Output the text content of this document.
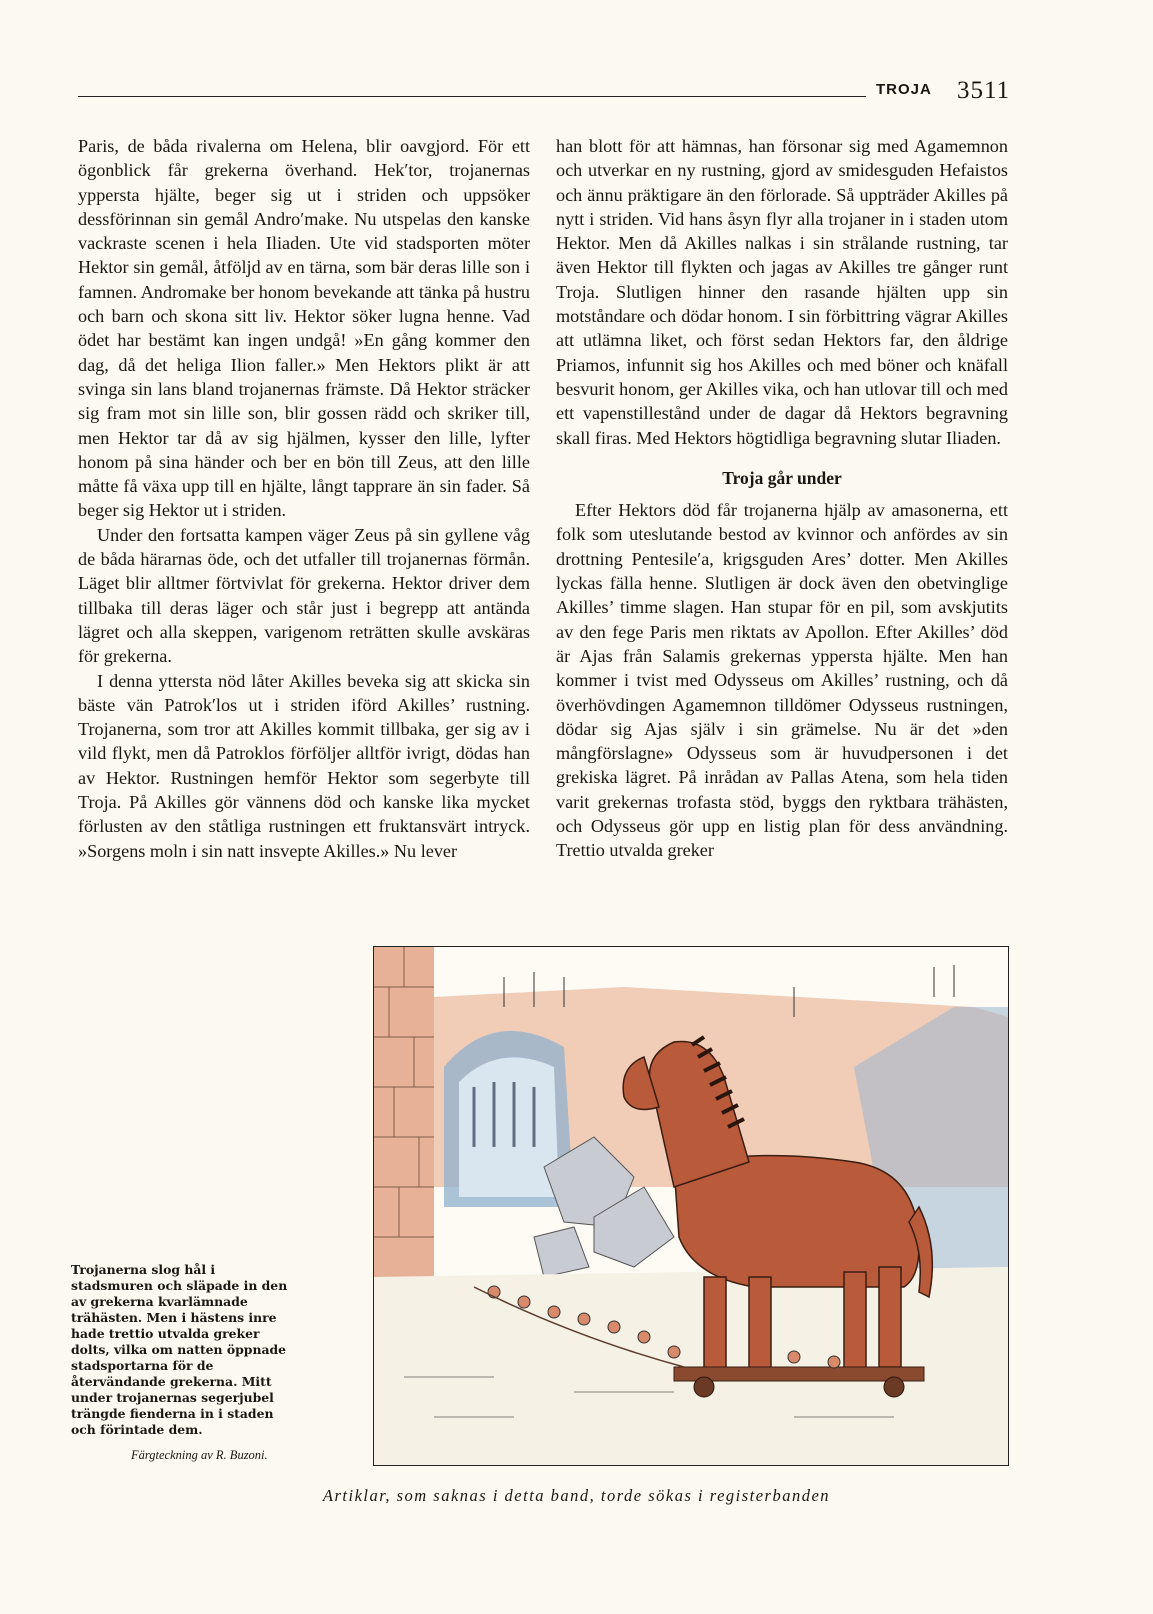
TROJA 3511

Paris, de båda rivalerna om Helena, blir oavgjord. För ett ögonblick får grekerna överhand. Hek′tor, trojanernas yppersta hjälte, beger sig ut i striden och uppsöker dessförinnan sin gemål Andro′make. Nu utspelas den kanske vackraste scenen i hela Iliaden. Ute vid stadsporten möter Hektor sin gemål, åtföljd av en tärna, som bär deras lille son i famnen. Andromake ber honom bevekande att tänka på hustru och barn och skona sitt liv. Hektor söker lugna henne. Vad ödet har bestämt kan ingen undgå! »En gång kommer den dag, då det heliga Ilion faller.» Men Hektors plikt är att svinga sin lans bland trojanernas främste. Då Hektor sträcker sig fram mot sin lille son, blir gossen rädd och skriker till, men Hektor tar då av sig hjälmen, kysser den lille, lyfter honom på sina händer och ber en bön till Zeus, att den lille måtte få växa upp till en hjälte, långt tapprare än sin fader. Så beger sig Hektor ut i striden.

Under den fortsatta kampen väger Zeus på sin gyllene våg de båda härarnas öde, och det utfaller till trojanernas förmån. Läget blir alltmer förtvivlat för grekerna. Hektor driver dem tillbaka till deras läger och står just i begrepp att antända lägret och alla skeppen, varigenom reträtten skulle avskäras för grekerna.

I denna yttersta nöd låter Akilles beveka sig att skicka sin bäste vän Patrok′los ut i striden iförd Akilles’ rustning. Trojanerna, som tror att Akilles kommit tillbaka, ger sig av i vild flykt, men då Patroklos förföljer alltför ivrigt, dödas han av Hektor. Rustningen hemför Hektor som segerbyte till Troja. På Akilles gör vännens död och kanske lika mycket förlusten av den ståtliga rustningen ett fruktansvärt intryck. »Sorgens moln i sin natt insvepte Akilles.» Nu lever

han blott för att hämnas, han försonar sig med Agamemnon och utverkar en ny rustning, gjord av smidesguden Hefaistos och ännu präktigare än den förlorade. Så uppträder Akilles på nytt i striden. Vid hans åsyn flyr alla trojaner in i staden utom Hektor. Men då Akilles nalkas i sin strålande rustning, tar även Hektor till flykten och jagas av Akilles tre gånger runt Troja. Slutligen hinner den rasande hjälten upp sin motståndare och dödar honom. I sin förbittring vägrar Akilles att utlämna liket, och först sedan Hektors far, den åldrige Priamos, infunnit sig hos Akilles och med böner och knäfall besvurit honom, ger Akilles vika, och han utlovar till och med ett vapenstillestånd under de dagar då Hektors begravning skall firas. Med Hektors högtidliga begravning slutar Iliaden.

Troja går under

Efter Hektors död får trojanerna hjälp av amasonerna, ett folk som uteslutande bestod av kvinnor och anfördes av sin drottning Pentesile′a, krigsguden Ares’ dotter. Men Akilles lyckas fälla henne. Slutligen är dock även den obetvinglige Akilles’ timme slagen. Han stupar för en pil, som avskjutits av den fege Paris men riktats av Apollon. Efter Akilles’ död är Ajas från Salamis grekernas yppersta hjälte. Men han kommer i tvist med Odysseus om Akilles’ rustning, och då överhövdingen Agamemnon tilldömer Odysseus rustningen, dödar sig Ajas själv i sin grämelse. Nu är det »den mångförslagne» Odysseus som är huvudpersonen i det grekiska lägret. På inrådan av Pallas Atena, som hela tiden varit grekernas trofasta stöd, byggs den ryktbara trähästen, och Odysseus gör upp en listig plan för dess användning. Trettio utvalda greker

Trojanerna slog hål i stadsmuren och släpade in den av grekerna kvarlämnade trähästen. Men i hästens inre hade trettio utvalda greker dolts, vilka om natten öppnade stadsportarna för de återvändande grekerna. Mitt under trojanernas segerjubel trängde fienderna in i staden och förintade dem.
Färgteckning av R. Buzoni.
Artiklar, som saknas i detta band, torde sökas i registerbanden
